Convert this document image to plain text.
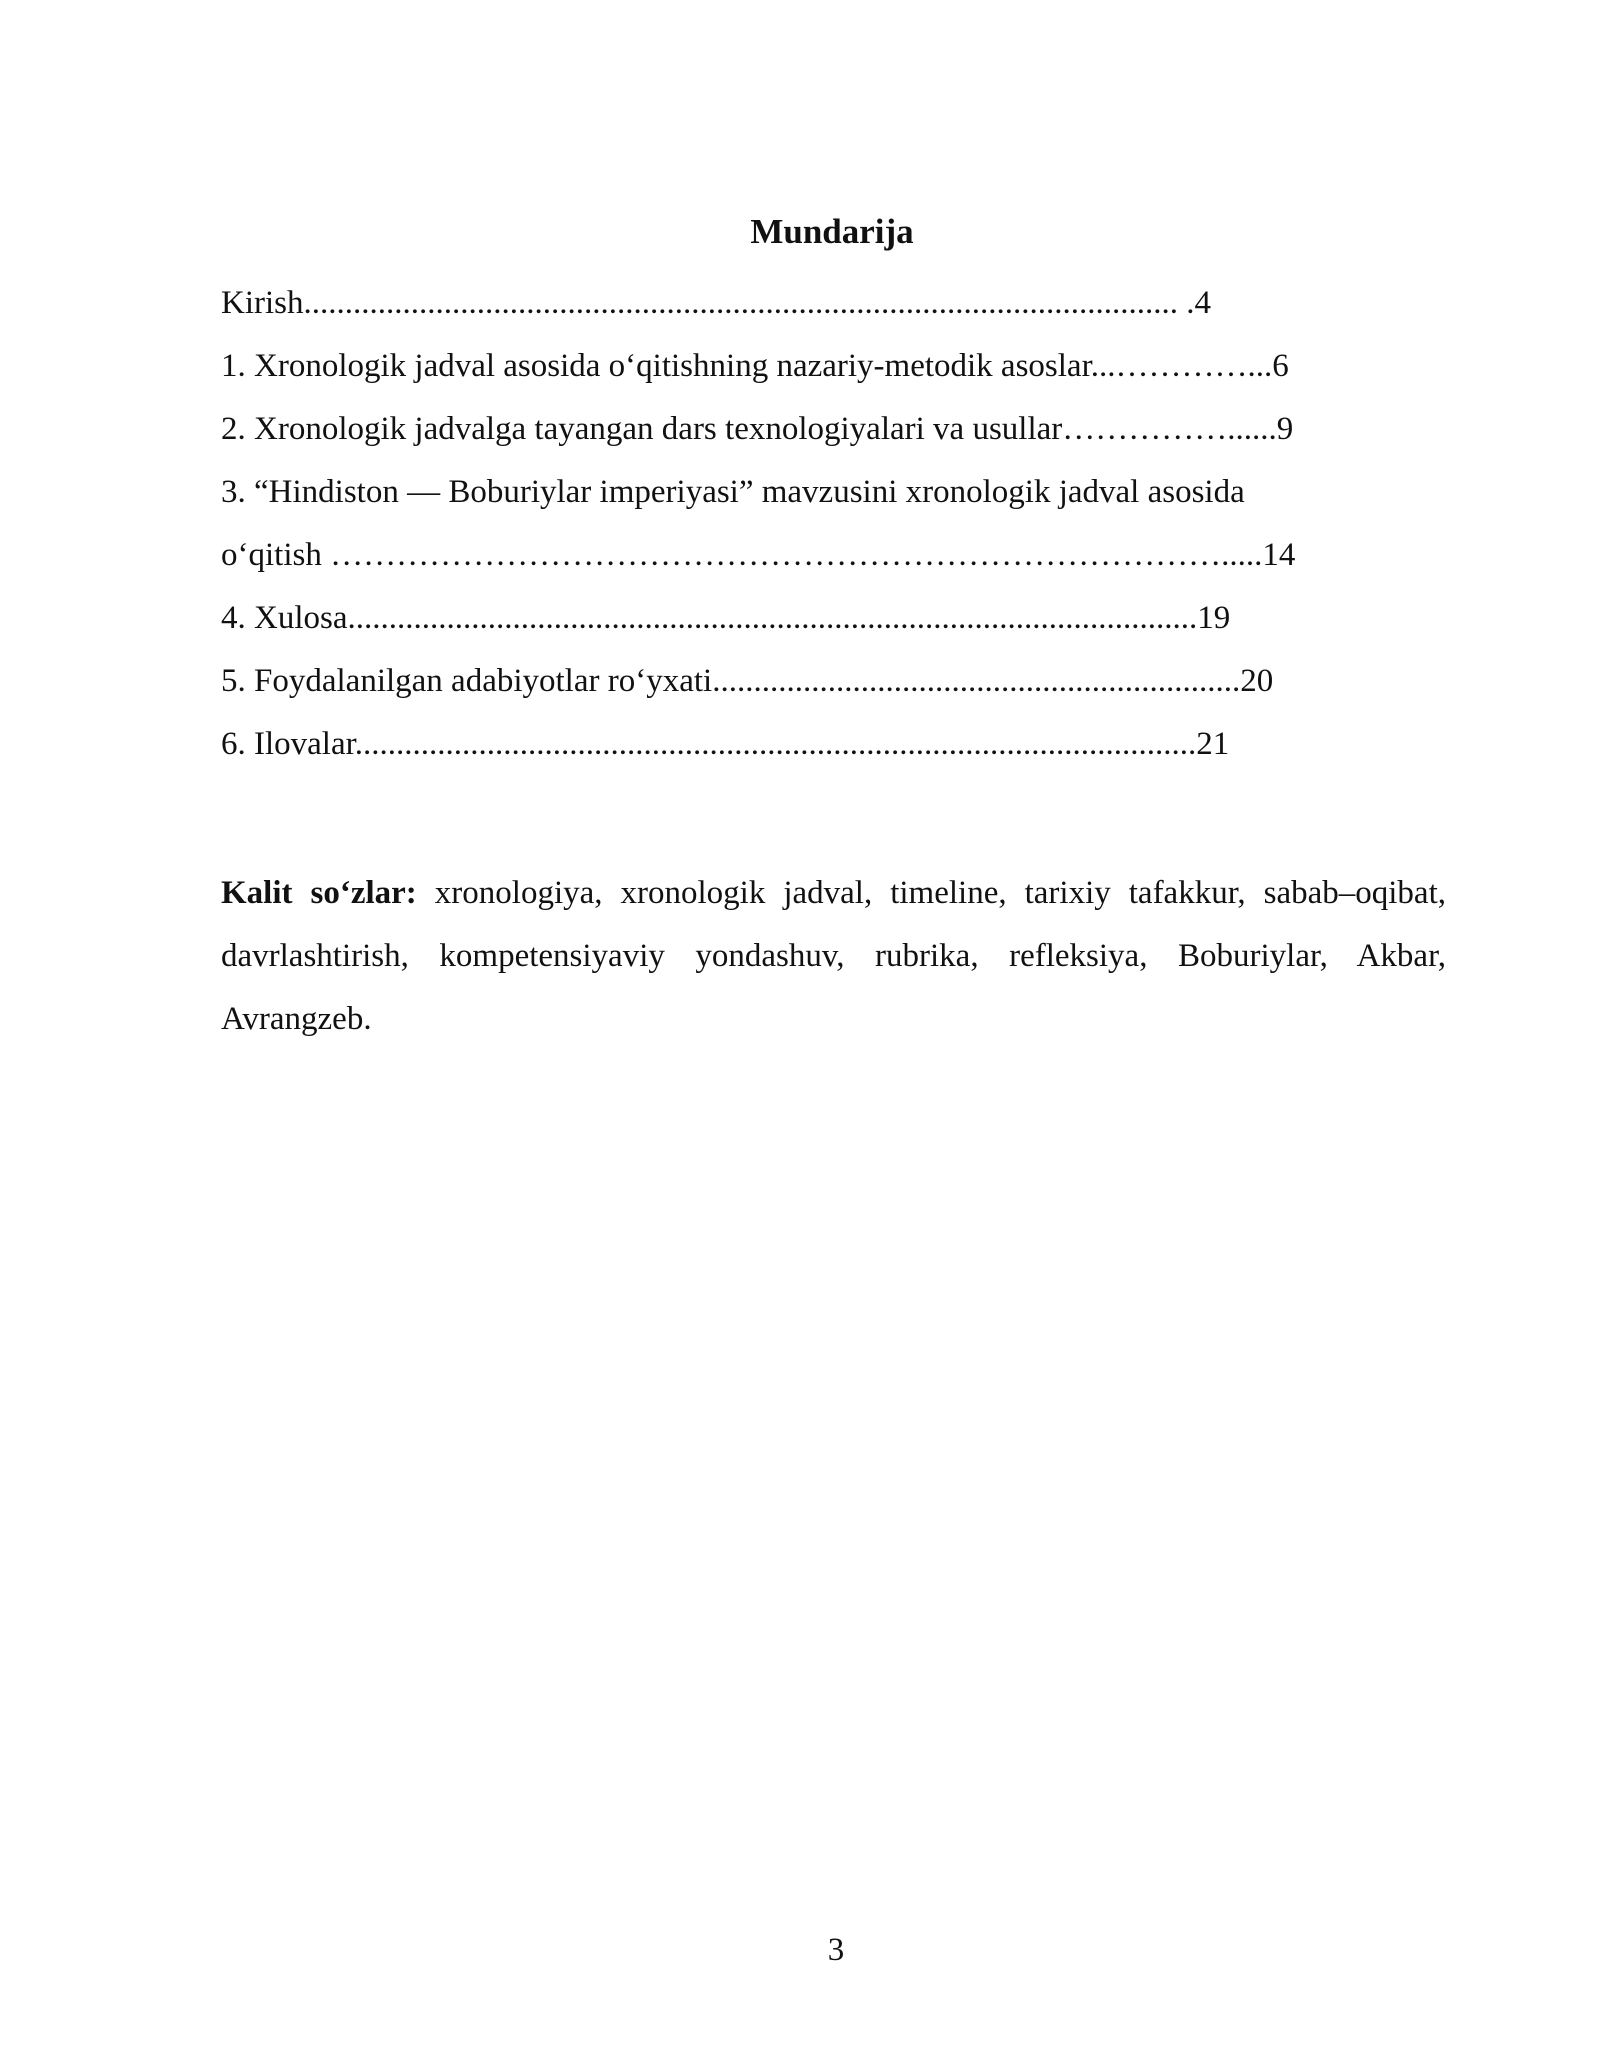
Mundarija
Kirish.......................................................................................................... .4
1. Xronologik jadval asosida o‘qitishning nazariy-metodik asoslar...…………...6
2. Xronologik jadvalga tayangan dars texnologiyalari va usullar……………......9
3. “Hindiston — Boburiylar imperiyasi” mavzusini xronologik jadval asosida
o‘qitish ……………………………………………………………………….....14
4. Xulosa.......................................................................................................19
5. Foydalanilgan adabiyotlar ro‘yxati................................................................20
6. Ilovalar......................................................................................................21

Kalit so‘zlar: xronologiya, xronologik jadval, timeline, tarixiy tafakkur, sabab–oqibat, davrlashtirish, kompetensiyaviy yondashuv, rubrika, refleksiya, Boburiylar, Akbar, Avrangzeb.

3
